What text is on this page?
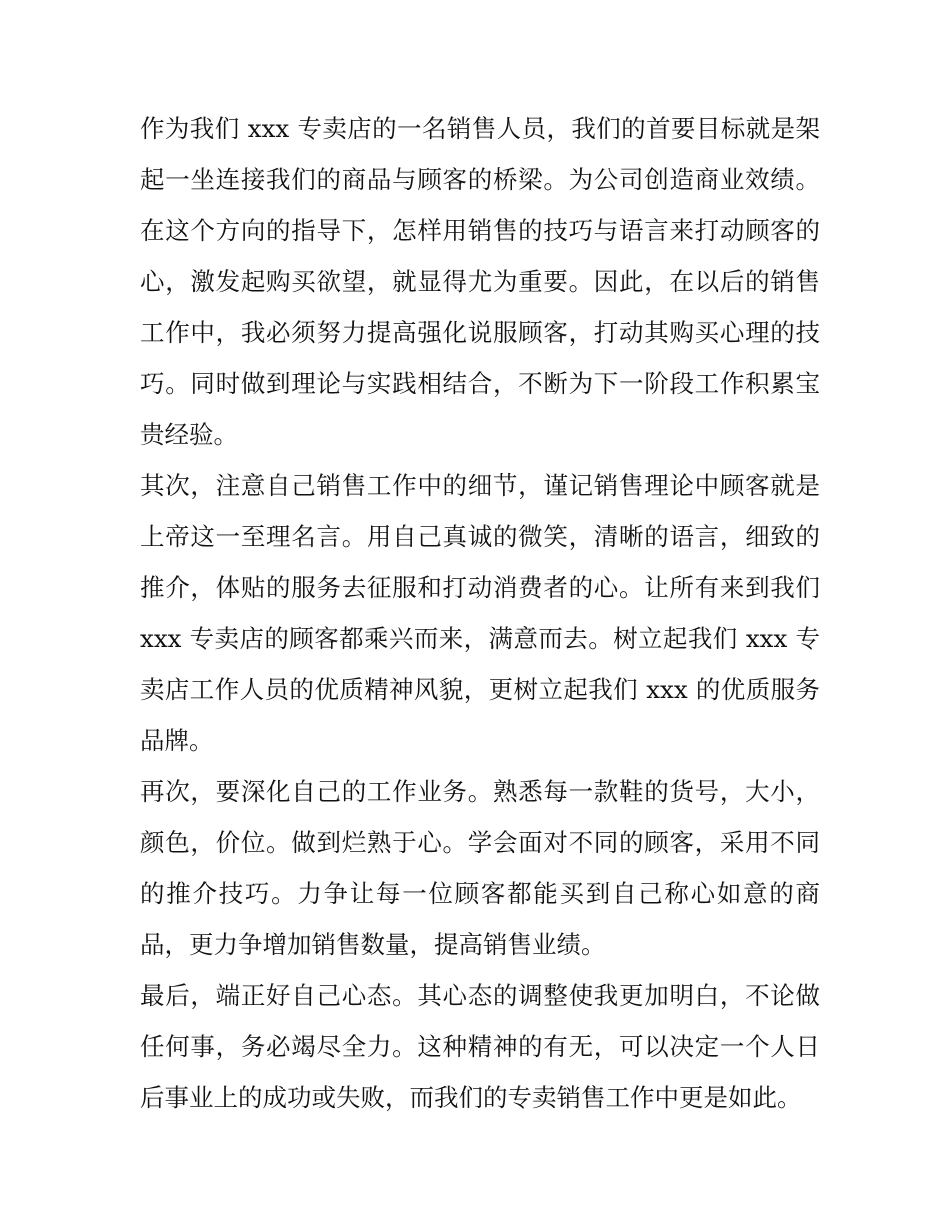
作为我们 xxx 专卖店的一名销售人员，我们的首要目标就是架起一坐连接我们的商品与顾客的桥梁。为公司创造商业效绩。在这个方向的指导下，怎样用销售的技巧与语言来打动顾客的心，激发起购买欲望，就显得尤为重要。因此，在以后的销售工作中，我必须努力提高强化说服顾客，打动其购买心理的技巧。同时做到理论与实践相结合，不断为下一阶段工作积累宝贵经验。

其次，注意自己销售工作中的细节，谨记销售理论中顾客就是上帝这一至理名言。用自己真诚的微笑，清晰的语言，细致的推介，体贴的服务去征服和打动消费者的心。让所有来到我们 xxx 专卖店的顾客都乘兴而来，满意而去。树立起我们 xxx 专卖店工作人员的优质精神风貌，更树立起我们 xxx 的优质服务品牌。

再次，要深化自己的工作业务。熟悉每一款鞋的货号，大小，颜色，价位。做到烂熟于心。学会面对不同的顾客，采用不同的推介技巧。力争让每一位顾客都能买到自己称心如意的商品，更力争增加销售数量，提高销售业绩。

最后，端正好自己心态。其心态的调整使我更加明白，不论做任何事，务必竭尽全力。这种精神的有无，可以决定一个人日后事业上的成功或失败，而我们的专卖销售工作中更是如此。
